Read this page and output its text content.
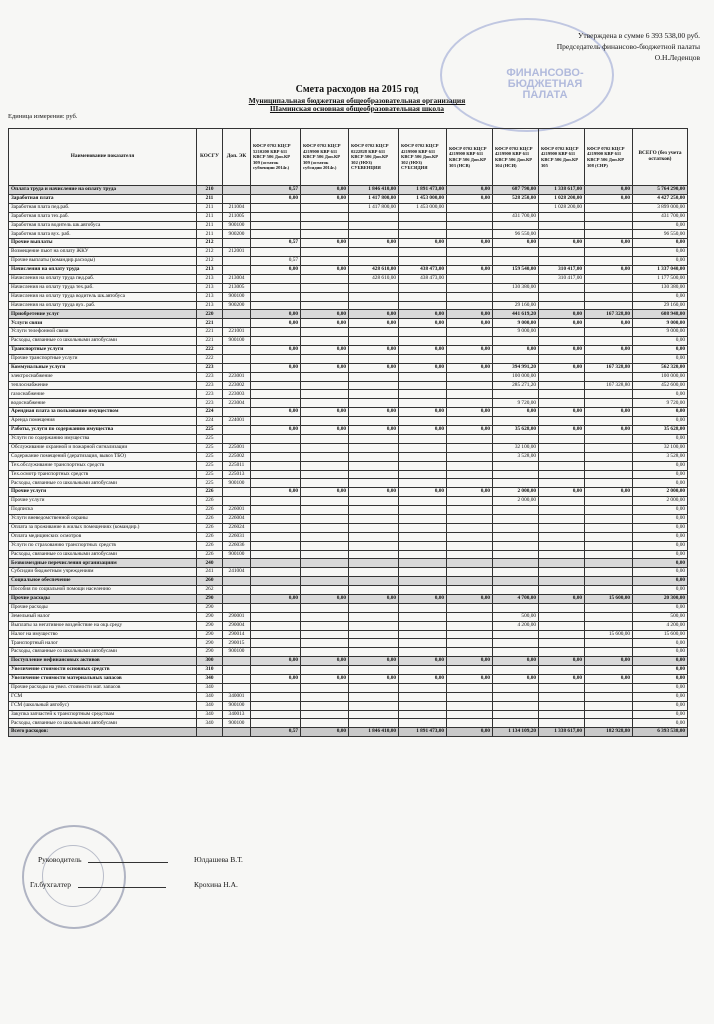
ФИНАНСОВО-БЮДЖЕТНАЯ ПАЛАТА
Утверждена в сумме 6 393 538,00 руб.
Председатель финансово-бюджетной палаты
О.Н.Леденцов
Смета расходов на 2015 год
Муниципальная бюджетная общеобразовательная организация
Шаминская основная общеобразовательная школа
Единица измерения: руб.
Наименование показателя	КОСГУ	Доп. ЭК	КФСР 0702 КЦСР 5210200 КВР 611 КВСР 506 Доп.КР 309 (остаток субвенции 2014г.)	КФСР 0702 КЦСР 4219900 КВР 611 КВСР 506 Доп.КР 309 (остаток субсидии 2014г.)	КФСР 0702 КЦСР 0222828 КВР 611 КВСР 506 Доп.КР 302 (НФЗ) СУБВЕНЦИЯ	КФСР 0702 КЦСР 4219900 КВР 611 КВСР 506 Доп.КР 302 (НФЗ) СУБСИДИЯ	КФСР 0702 КЦСР 4219900 КВР 611 КВСР 506 Доп.КР 303 (НСВ)	КФСР 0702 КЦСР 4219900 КВР 611 КВСР 506 Доп.КР 304 (НСИ)	КФСР 0702 КЦСР 4219900 КВР 611 КВСР 506 Доп.КР 305	КФСР 0702 КЦСР 4219900 КВР 611 КВСР 506 Доп.КР 308 (СНР)	ВСЕГО (без учета остатков)
Оплата труда и начисление на оплату труда	210		0,57	0,00	1 846 410,00	1 891 473,00	0,00	687 790,00	1 338 617,00	0,00	5 764 290,00
Заработная плата	211		0,00	0,00	1 417 800,00	1 453 000,00	0,00	528 250,00	1 028 200,00	0,00	4 427 250,00
Заработная плата пед.раб.	211	211004			1 417 800,00	1 453 000,00			1 028 200,00		3 899 000,00
Заработная плата тех.раб.	211	211005						431 700,00			431 700,00
Заработная плата водитель шк.автобуса	211	900100									0,00
Заработная плата вух. раб.	211	900200						96 550,00			96 550,00
Прочие выплаты	212		0,57	0,00	0,00	0,00	0,00	0,00	0,00	0,00	0,00
Возмещение пьют на оплату ЖКУ	212	212001									0,00
Прочие выплаты (командир.расходы)	212		0,57								0,00
Начисления на оплату труда	213		0,00	0,00	428 610,00	438 473,00	0,00	159 540,00	310 417,00	0,00	1 337 040,00
Начисления на оплату труда пед.раб.	213	213004			428 610,00	438 473,00			310 417,00		1 177 500,00
Начисления на оплату труда тех.раб.	213	213005						130 380,00			130 380,00
Начисления на оплату труда водитель шк.автобуса	213	900100									0,00
Начисления на оплату труда вух. раб.	213	900200						29 160,00			29 160,00
Приобретение услуг	220		0,00	0,00	0,00	0,00	0,00	441 619,20	0,00	167 328,80	608 948,00
Услуги связи	221		0,00	0,00	0,00	0,00	0,00	9 000,00	0,00	0,00	9 000,00
Услуги телефонной связи	221	221001						9 000,00			9 000,00
Расходы, связанные со школьными автобусами	221	900100									0,00
Транспортные услуги	222		0,00	0,00	0,00	0,00	0,00	0,00	0,00	0,00	0,00
Прочие транспортные услуги	222										0,00
Коммунальные услуги	223		0,00	0,00	0,00	0,00	0,00	394 991,20	0,00	167 328,80	562 320,00
электроснабжение	223	223001						100 000,00			100 000,00
теплоснабжение	223	223002						285 271,20		167 328,80	452 600,00
газоснабжение	223	223003									0,00
водоснабжение	223	223004						9 720,00			9 720,00
Арендная плата за пользование имуществом	224		0,00	0,00	0,00	0,00	0,00	0,00	0,00	0,00	0,00
Аренда помещения	224	224001									0,00
Работы, услуги по содержанию имущества	225		0,00	0,00	0,00	0,00	0,00	35 628,00	0,00	0,00	35 628,00
Услуги по содержанию имущества	225										0,00
Обслуживание охранной и пожарной сигнализации	225	225001						32 100,00			32 100,00
Содержание помещений (дератизация, вывоз ТБО)	225	225002						3 528,00			3 528,00
Тех.обслуживание транспортных средств	225	225011									0,00
Тех.осмотр транспортных средств	225	225013									0,00
Расходы, связанные со школьными автобусами	225	900100									0,00
Прочие услуги	226		0,00	0,00	0,00	0,00	0,00	2 000,00	0,00	0,00	2 000,00
Прочие услуги	226							2 000,00			2 000,00
Подписка	226	226001									0,00
Услуги вневедомственной охраны	226	226004									0,00
Оплата за проживание в жилых помещениях (командир.)	226	226024									0,00
Оплата медицинских осмотров	226	226031									0,00
Услуги по страхованию транспортных средств	226	226036									0,00
Расходы, связанные со школьными автобусами	226	900100									0,00
Безвозмездные перечисления организациям	240										0,00
Субсидии бюджетным учреждениям	241	241004									0,00
Социальное обеспечение	260										0,00
Пособия по социальной помощи населению	262										0,00
Прочие расходы	290		0,00	0,00	0,00	0,00	0,00	4 700,00	0,00	15 600,00	20 300,00
Прочие расходы	290										0,00
Земельный налог	290	290001						500,00			500,00
Выплаты за негативное воздействие на окр.среду	290	290004						4 200,00			4 200,00
Налог на имущество	290	290014								15 600,00	15 600,00
Транспортный налог	290	290015									0,00
Расходы, связанные со школьными автобусами	290	900100									0,00
Поступление нефинансовых активов	300		0,00	0,00	0,00	0,00	0,00	0,00	0,00	0,00	0,00
Увеличение стоимости основных средств	310										0,00
Увеличение стоимости материальных запасов	340		0,00	0,00	0,00	0,00	0,00	0,00	0,00	0,00	0,00
Прочие расходы на увел. стоимости мат. запасов	340										0,00
ГСМ	340	340001									0,00
ГСМ (школьный автобус)	340	900100									0,00
Закупка запчастей к транспортным средствам	340	340013									0,00
Расходы, связанные со школьными автобусами	340	900100									0,00
Всего расходов:			0,57	0,00	1 846 410,00	1 891 473,00	0,00	1 134 109,20	1 338 617,00	182 928,80	6 393 538,00
Руководитель	Юлдашева В.Т.
Гл.бухгалтер	Крохина Н.А.
